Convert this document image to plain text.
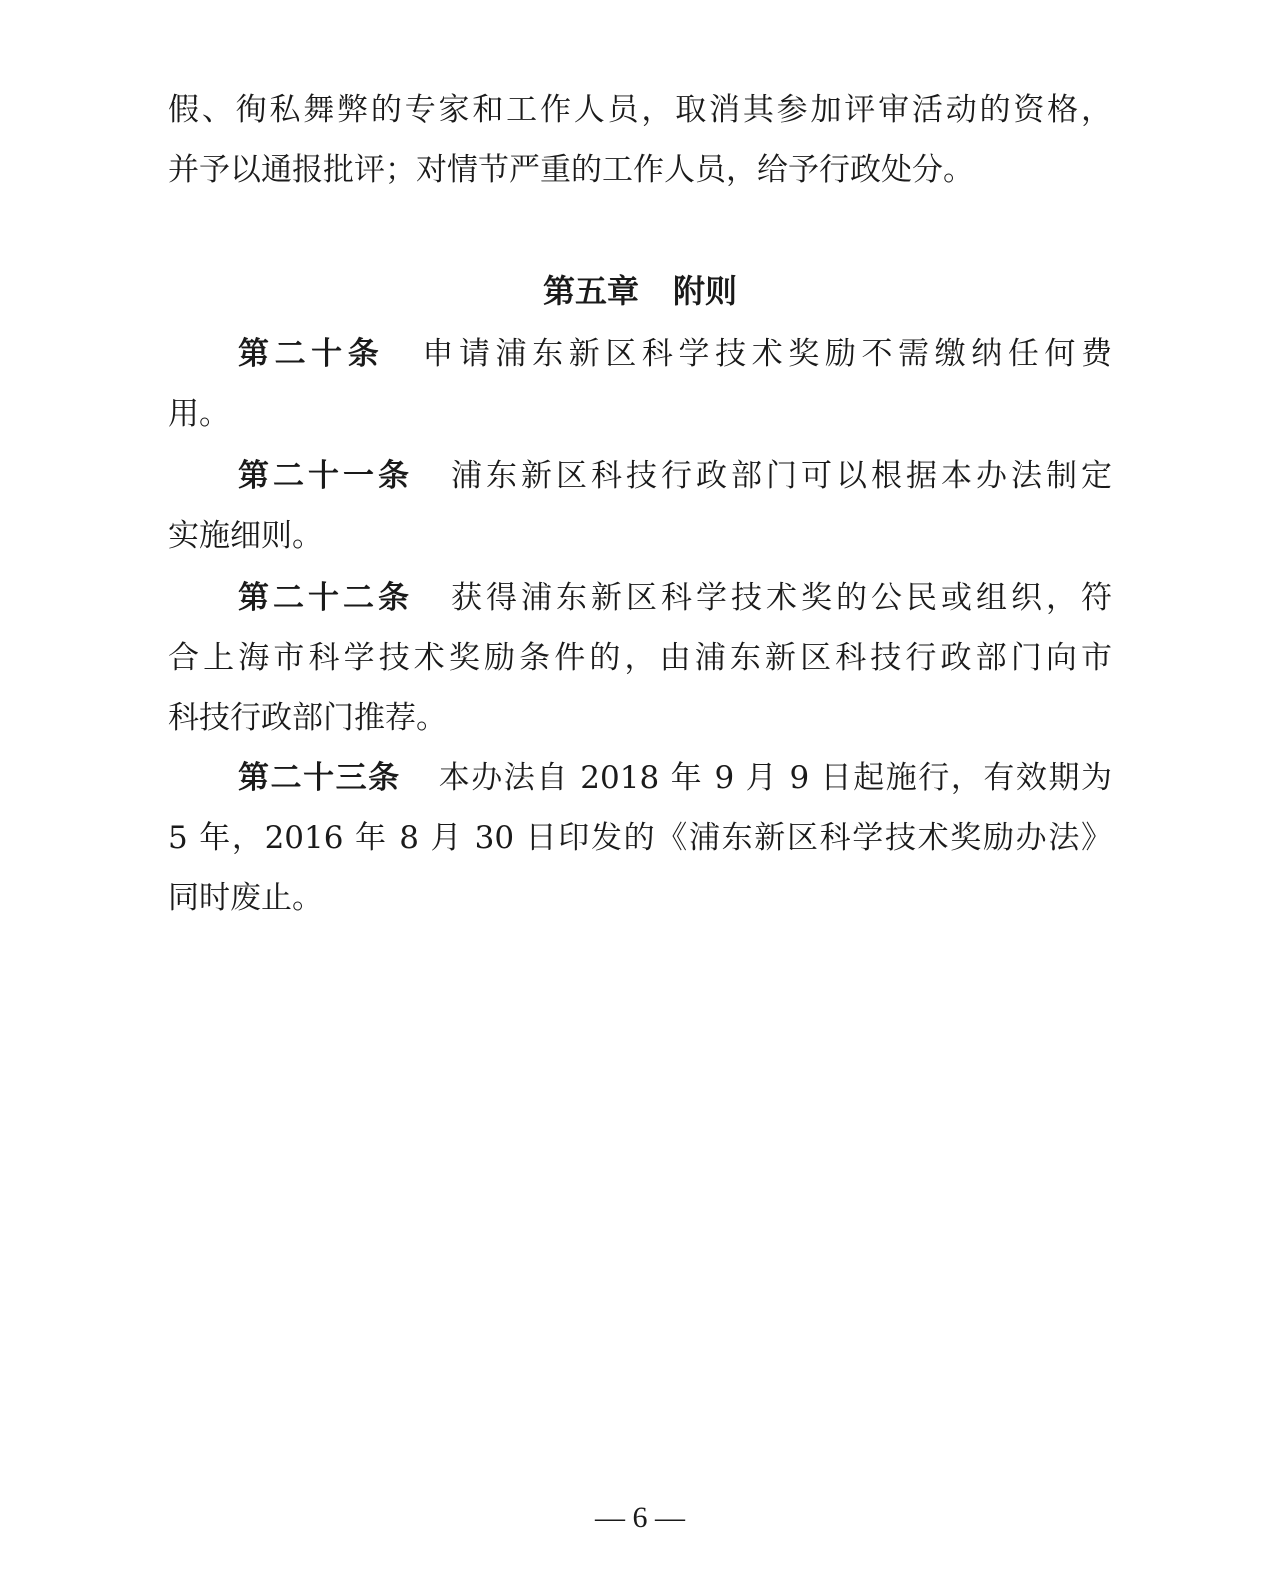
假、徇私舞弊的专家和工作人员，取消其参加评审活动的资格，
并予以通报批评；对情节严重的工作人员，给予行政处分。
第五章 附则
第二十条 申请浦东新区科学技术奖励不需缴纳任何费
用。
第二十一条 浦东新区科技行政部门可以根据本办法制定
实施细则。
第二十二条 获得浦东新区科学技术奖的公民或组织，符
合上海市科学技术奖励条件的，由浦东新区科技行政部门向市
科技行政部门推荐。
第二十三条 本办法自 2018 年 9 月 9 日起施行，有效期为
5 年，2016 年 8 月 30 日印发的《浦东新区科学技术奖励办法》
同时废止。
— 6 —
